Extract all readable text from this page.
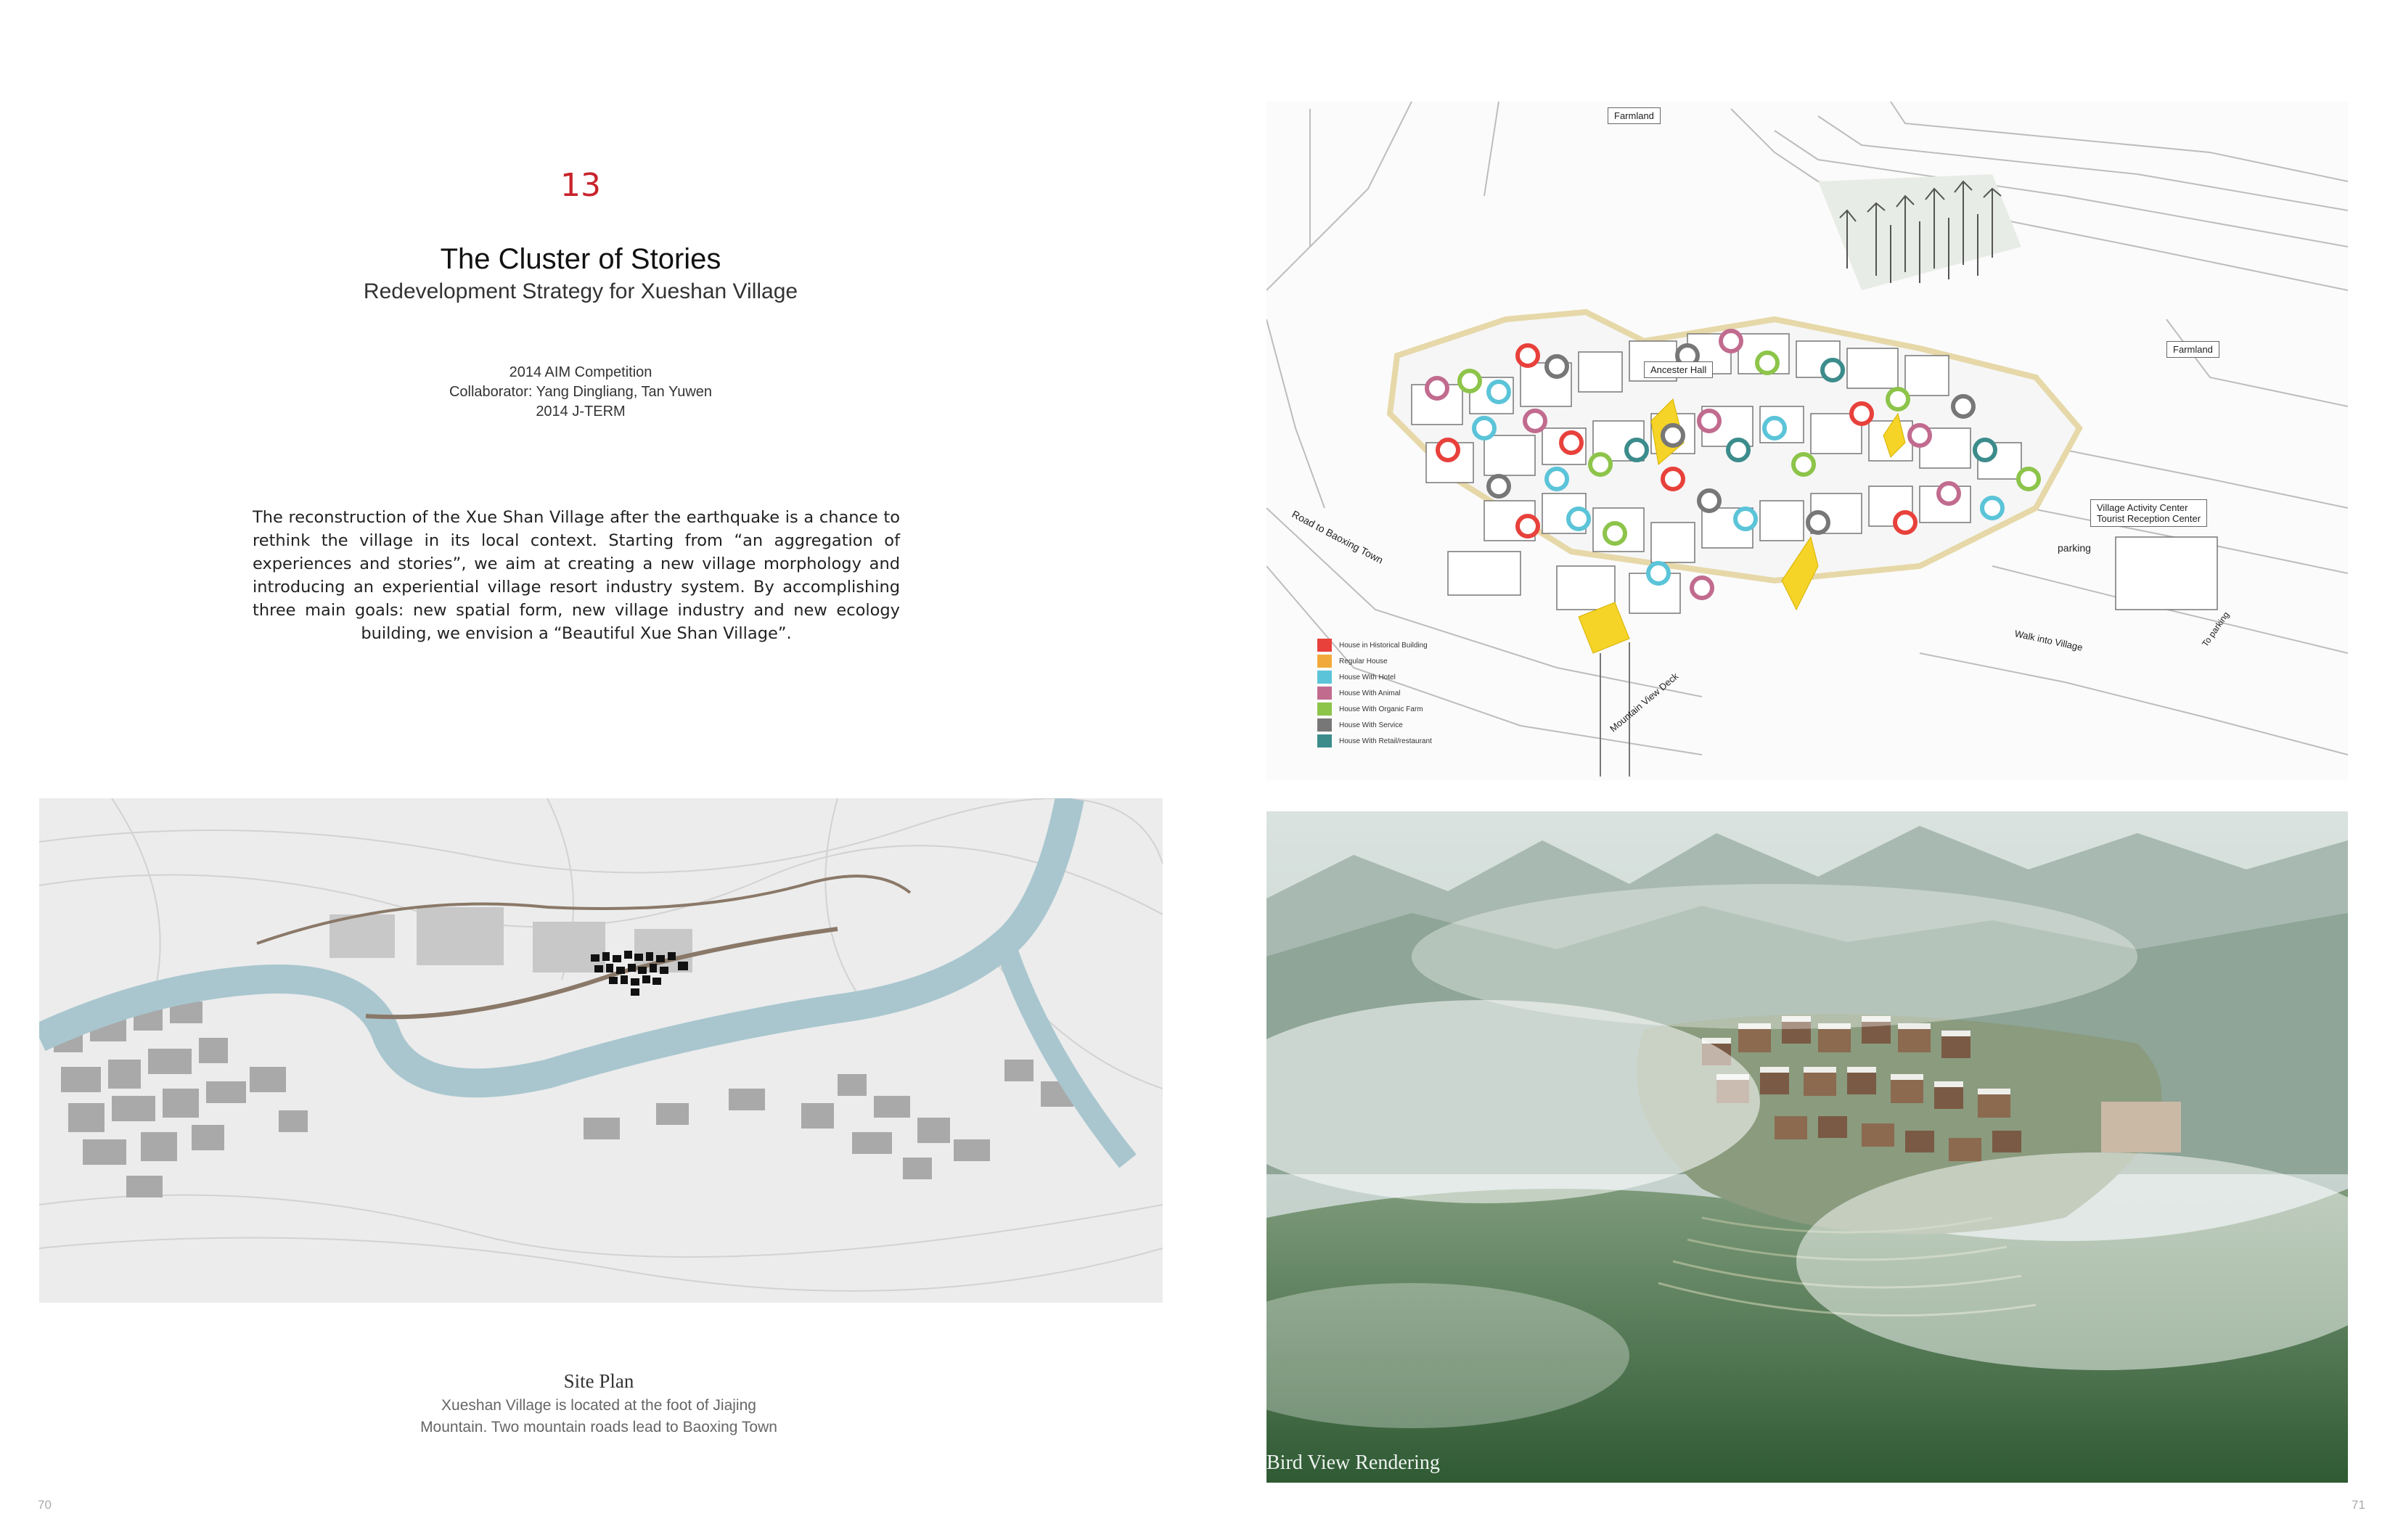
13
The Cluster of Stories
Redevelopment Strategy for Xueshan Village
2014 AIM Competition
Collaborator: Yang Dingliang, Tan Yuwen
2014 J-TERM
The reconstruction of the Xue Shan Village after the earthquake is a chance to rethink the village in its local context. Starting from “an aggregation of experiences and stories”, we aim at creating a new village morphology and introducing an experiential village resort industry system. By accomplishing three main goals: new spatial form, new village industry and new ecology building, we envision a “Beautiful Xue Shan Village”.
Farmland
Farmland
Ancester Hall
Village Activity Center
Tourist Reception Center
parking
Road to Baoxing Town
Walk into Village	To parking
Mountain View Deck
House in Historical Building
Regular House
House With Hotel
House With Animal
House With Organic Farm
House With Service
House With Retail/restaurant
Site Plan
Xueshan Village is located at the foot of Jiajing
Mountain. Two mountain roads lead to Baoxing Town
Bird View Rendering
70	71
